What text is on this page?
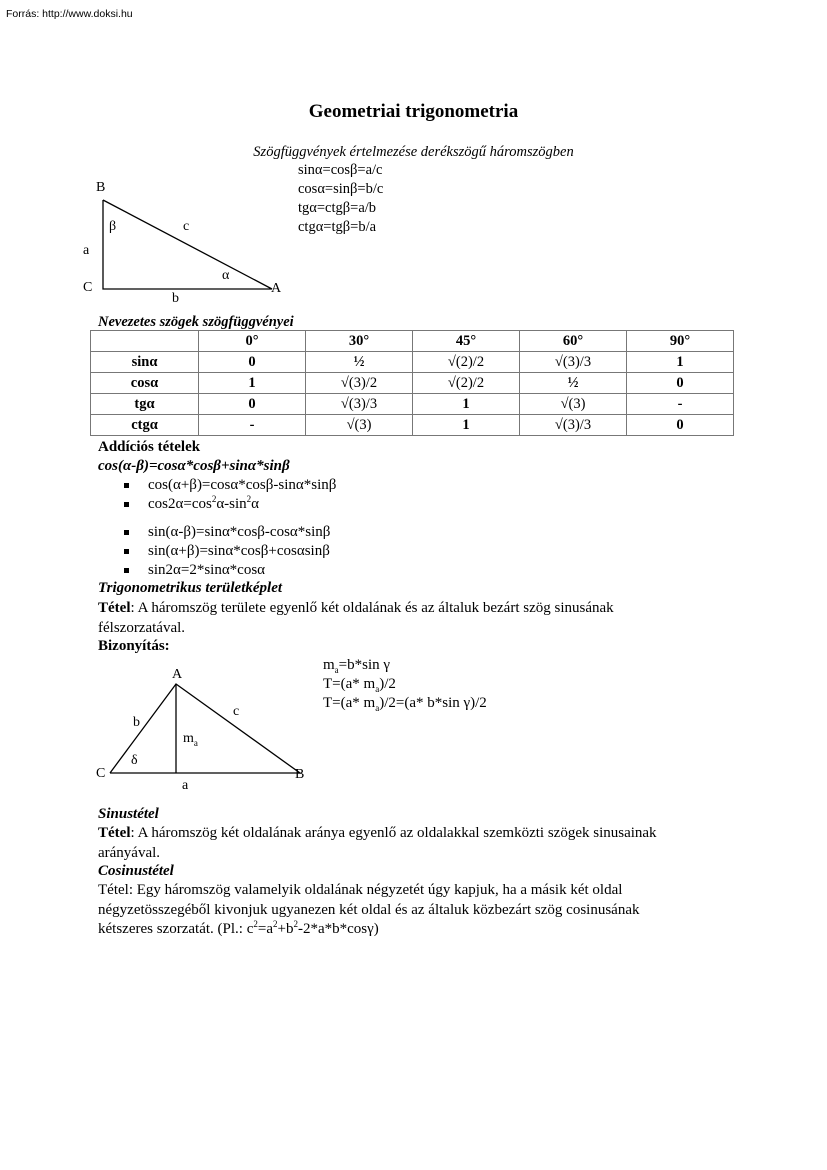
Forrás: http://www.doksi.hu
Geometriai trigonometria
Szögfüggvények értelmezése derékszögű háromszögben
sinα=cosβ=a/c
cosα=sinβ=b/c
tgα=ctgβ=a/b
ctgα=tgβ=b/a
B
C	A
a
b
c
α
β
Nevezetes szögek szögfüggvényei
	0°	30°	45°	60°	90°
sinα	0	½	√(2)/2	√(3)/3	1
cosα	1	√(3)/2	√(2)/2	½	0
tgα	0	√(3)/3	1	√(3)	-
ctgα	-	√(3)	1	√(3)/3	0
Addíciós tételek
cos(α-β)=cosα*cosβ+sinα*sinβ
cos(α+β)=cosα*cosβ-sinα*sinβ
$\cos 2\alpha=\cos^2\alpha-\sin^2\alpha$
sin(α-β)=sinα*cosβ-cosα*sinβ
sin(α+β)=sinα*cosβ+cosαsinβ
sin2α=2*sinα*cosα
Trigonometrikus területképlet
Tétel: A háromszög területe egyenlő két oldalának és az általuk bezárt szög sinusának
félszorzatával.
Bizonyítás:
A
B
C
a
b
c
$m_a$
δ
$m_a=b*\sin$ γ
T=(a* $m_a)/2$
T=(a* $m_a)/2=(a*$ b*sin γ)/2
Sinustétel
Tétel: A háromszög két oldalának aránya egyenlő az oldalakkal szemközti szögek sinusainak
arányával.
Cosinustétel
Tétel: Egy háromszög valamelyik oldalának négyzetét úgy kapjuk, ha a másik két oldal
négyzetösszegéből kivonjuk ugyanezen két oldal és az általuk közbezárt szög cosinusának
kétszeres szorzatát. (Pl.: $c^2=a^2+b^2-2*a*b*\cos\gamma$)
